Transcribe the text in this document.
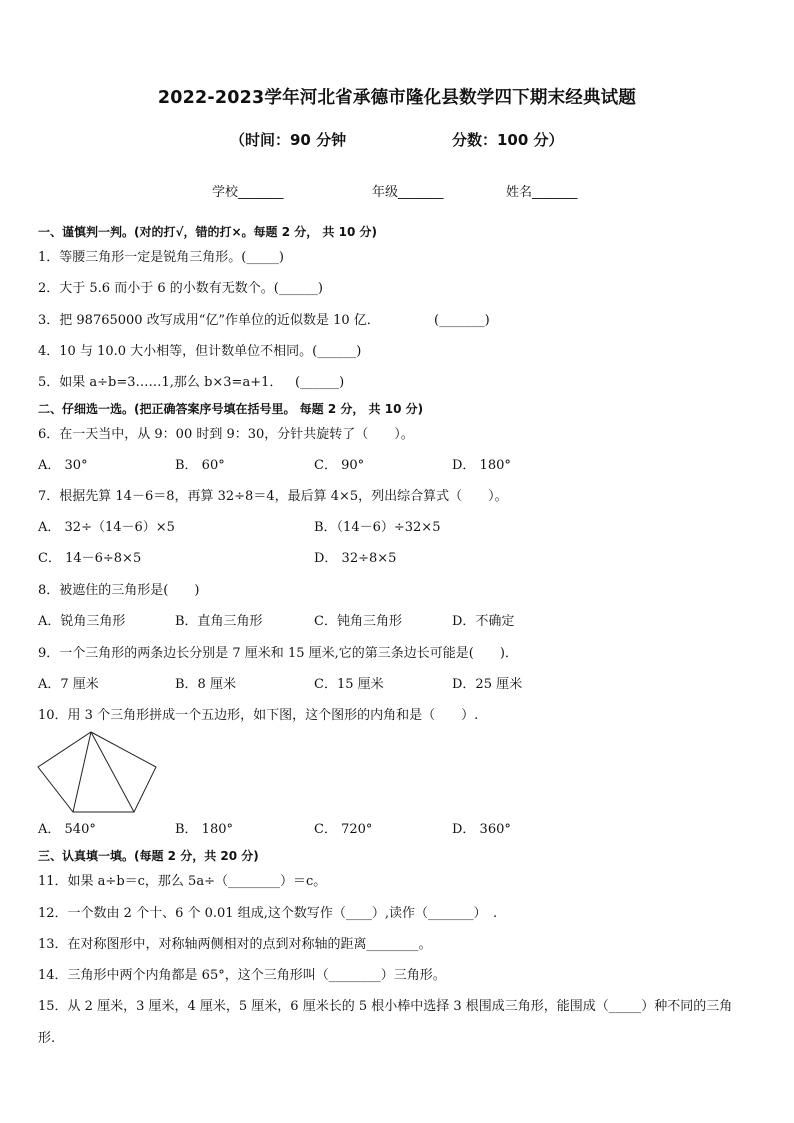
2022-2023学年河北省承德市隆化县数学四下期末经典试题
（时间：90 分钟	分数：100 分）
学校_______	年级_______	姓名_______
一、谨慎判一判。(对的打√，错的打×。每题 2 分， 共 10 分)
1．等腰三角形一定是锐角三角形。(_____)
2．大于 5.6 而小于 6 的小数有无数个。(______)
3．把 98765000 改写成用“亿”作单位的近似数是 10 亿．	(_______)
4．10 与 10.0 大小相等，但计数单位不相同。(______)
5．如果 a÷b=3……1,那么 b×3=a+1． (______)
二、仔细选一选。(把正确答案序号填在括号里。 每题 2 分， 共 10 分)
6．在一天当中，从 9：00 时到 9：30，分针共旋转了（　　）。
A． 30°	B． 60°	C． 90°	D． 180°
7．根据先算 14－6＝8，再算 32÷8＝4，最后算 4×5，列出综合算式（　　）。
A． 32÷（14－6）×5	B．（14－6）÷32×5
C． 14－6÷8×5	D． 32÷8×5
8．被遮住的三角形是(　　)
A．锐角三角形	B．直角三角形	C．钝角三角形	D．不确定
9．一个三角形的两条边长分别是 7 厘米和 15 厘米,它的第三条边长可能是(　　)．
A．7 厘米	B．8 厘米	C．15 厘米	D．25 厘米
10．用 3 个三角形拼成一个五边形，如下图，这个图形的内角和是（　　）.
A． 540°	B． 180°	C． 720°	D． 360°
三、认真填一填。(每题 2 分，共 20 分)
11．如果 a÷b＝c，那么 5a÷（________）＝c。
12．一个数由 2 个十、6 个 0.01 组成,这个数写作（____）,读作（_______）　.
13．在对称图形中，对称轴两侧相对的点到对称轴的距离________。
14．三角形中两个内角都是 65°，这个三角形叫（________）三角形。
15．从 2 厘米，3 厘米，4 厘米，5 厘米，6 厘米长的 5 根小棒中选择 3 根围成三角形，能围成（_____）种不同的三角
形.
